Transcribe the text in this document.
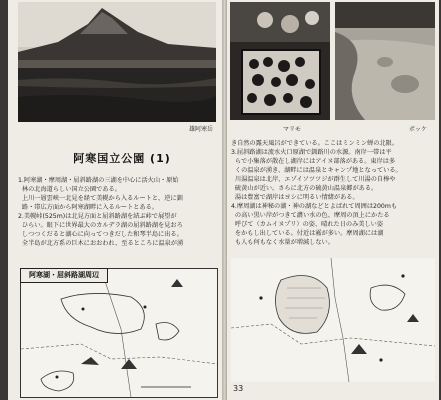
雄阿寒岳
阿寒国立公園 (1)
1.阿寒湖・摩周湖・屈斜路湖の三湖を中心に活火山・原始
林の北海道らしい国立公園である。
上川一層雲峡一北見を経て美幌から入るルートと、逆に釧
路・帯広方面から阿寒湖畔に入るルートとある。
2.美幌峠(525m)は北見方面と屈斜路湖を結ぶ峠で展望が
ひらい。眼下に世界最大のカルデラ湖の屈斜路湖を見おろ
しつつくだると湖心に向ってつきだした和琴半島に出る。
全半島が北方系の巨木におおわれ、至るところに温泉が湧
阿寒湖・屈斜路湖周辺
マリモ	ボッケ
き自然の露天風呂ができている。ここはミンミン蝉の北限。
3.屈斜路湖は流水火口原湖で釧路川の水源。南岸一帯は平
らで小集落が散在し湖岸にはアイヌ部落がある。東岸は多
くの温泉が湧き、湖畔には温泉とキャンプ地となっている。
川湯温泉は北岸、エゾイソツツジが群生して川湯の自棒や
硫黄山が近い。さらに北方の硫黄山温泉郷がある。
湯は豊富で湖岸はヨシに明るい情緒がある。
4.摩周湖は神秘の湖・神の湖などとよばれて周囲は200mも
の高い黒い岸がつきて濃い水の色、摩周の頂上にかたる
呼びて（カムイヌプリ）の姿、晴れた日のみ美しい姿
をかもし出している。付近は霧が多い。摩周湖には湖
も人も何もなく水量が増減しない。
33
